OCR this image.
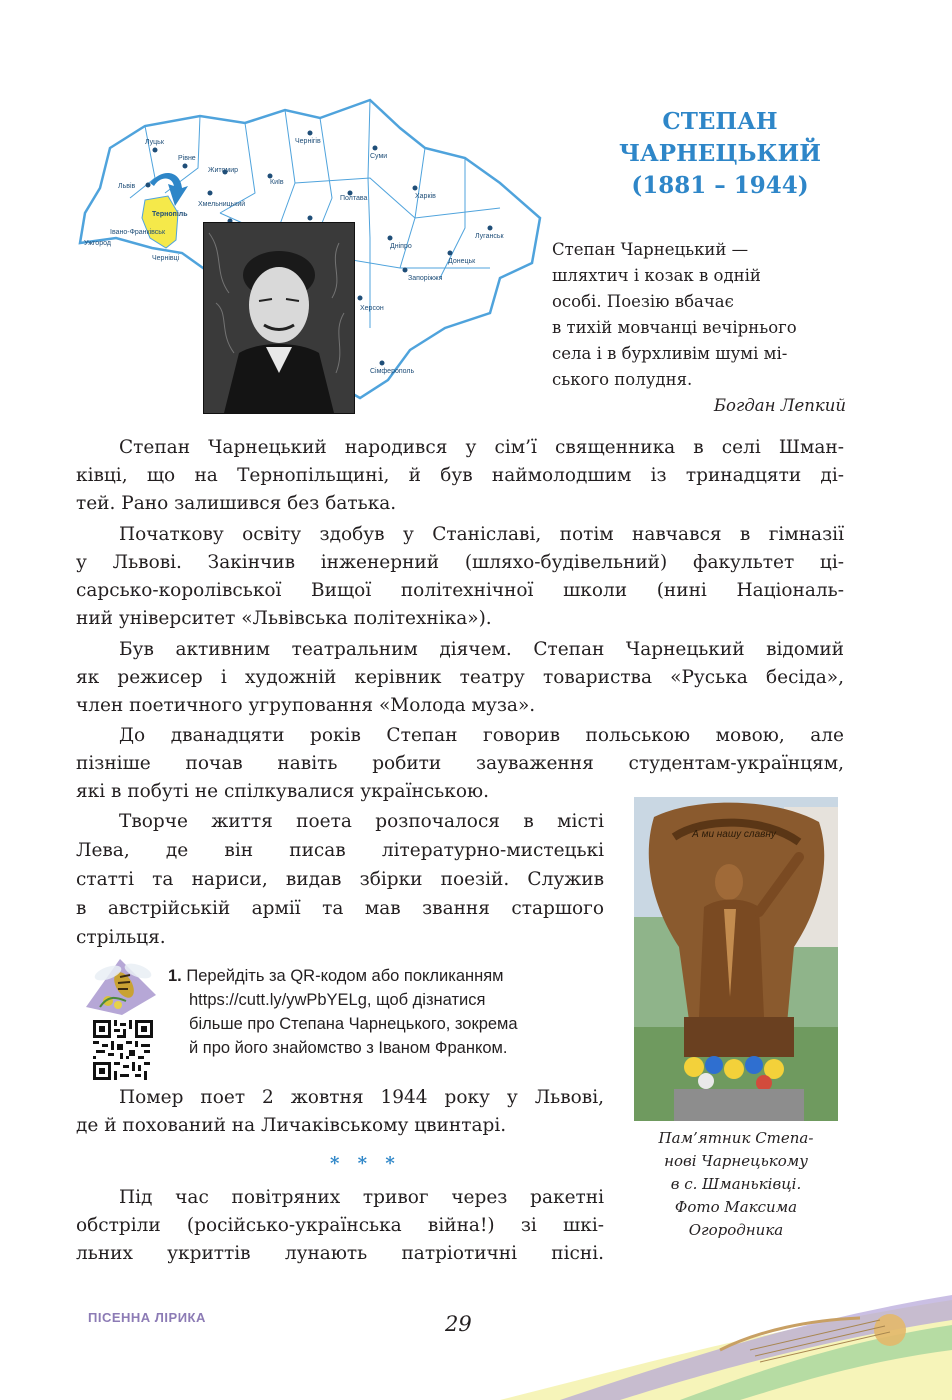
Львів
Тернопіль
Ужгород
Івано-Франківськ
Чернівці
Луцьк
Рівне
Житомир
Хмельницький
Київ
Чернігів
Суми
Полтава	Харків
Дніпро
Луганськ
Донецьк
Запоріжжя
Херсон
Сімферополь
СТЕПАН
ЧАРНЕЦЬКИЙ
(1881 – 1944)
Степан Чарнецький —
шляхтич і козак в одній
особі. Поезію вбачає
в тихій мовчанці вечірнього
села і в бурхливім шумі мі-
ського полудня.
Богдан Лепкий
Степан Чарнецький народився у сім’ї священника в селі Шман-
ківці, що на Тернопільщині, й був наймолодшим із тринадцяти ді-
тей. Рано залишився без батька.
Початкову освіту здобув у Станіславі, потім навчався в гімназії
у Львові. Закінчив інженерний (шляхо-будівельний) факультет ці-
сарсько-королівської Вищої політехнічної школи (нині Національ-
ний університет «Львівська політехніка»).
Був активним театральним діячем. Степан Чарнецький відомий
як режисер і художній керівник театру товариства «Руська бесіда»,
член поетичного угруповання «Молода муза».
До дванадцяти років Степан говорив польською мовою, але
пізніше почав навіть робити зауваження студентам-українцям,
які в побуті не спілкувалися українською.
Творче життя поета розпочалося в місті
Лева, де він писав літературно-мистецькі
статті та нариси, видав збірки поезій. Служив
в австрійській армії та мав звання старшого
стрільця.
1. Перейдіть за QR-кодом або покликанням
https://cutt.ly/ywPbYELg, щоб дізнатися
більше про Степана Чарнецького, зокрема
й про його знайомство з Іваном Франком.
Помер поет 2 жовтня 1944 року у Львові,
де й похований на Личаківському цвинтарі.
* * *
Під час повітряних тривог через ракетні
обстріли (російсько-українська війна!) зі шкі-
льних укриттів лунають патріотичні пісні.
А ми нашу славну
Пам’ятник Степа-
нові Чарнецькому
в с. Шманьківці.
Фото Максима
Огородника
ПІСЕННА ЛІРИКА	29
